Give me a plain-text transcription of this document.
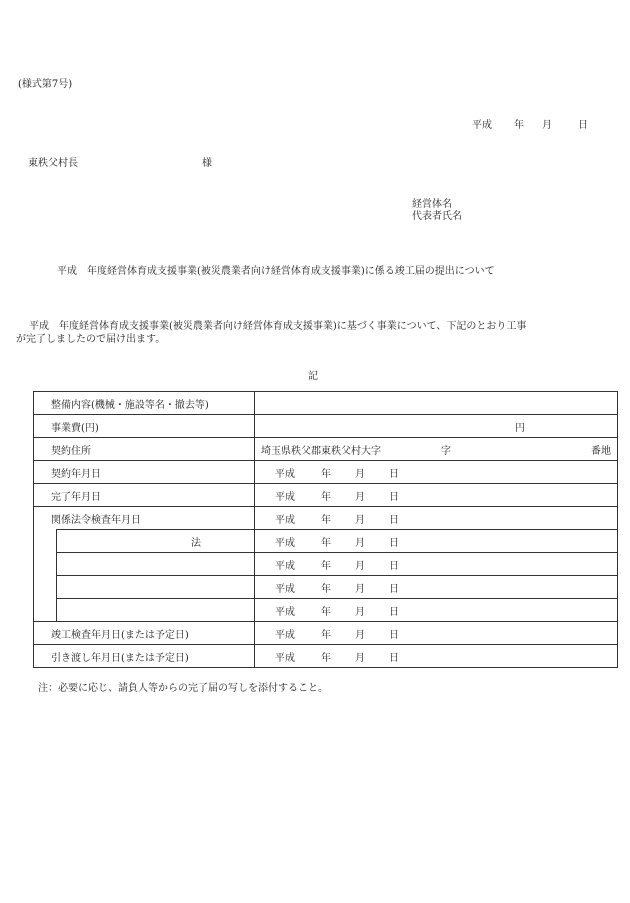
(様式第7号)
平成 年 月	日
東秩父村長	様
経営体名
代表者氏名
平成　年度経営体育成支援事業(被災農業者向け経営体育成支援事業)に係る竣工届の提出について
平成　年度経営体育成支援事業(被災農業者向け経営体育成支援事業)に基づく事業について、下記のとおり工事
が完了しましたので届け出ます。
記
整備内容(機械・施設等名・撤去等)		
事業費(円)		円
契約住所		埼玉県秩父郡東秩父村大字 字 番地

契約年月日		平成 年 月 日
完了年月日		平成 年 月 日
関係法令検査年月日		平成 年 月 日
	法	平成 年 月 日
		平成 年 月 日
		平成 年 月 日
		平成 年 月 日
竣工検査年月日(または予定日)		平成 年 月 日
引き渡し年月日(または予定日)		平成 年 月 日
注：必要に応じ、請負人等からの完了届の写しを添付すること。
